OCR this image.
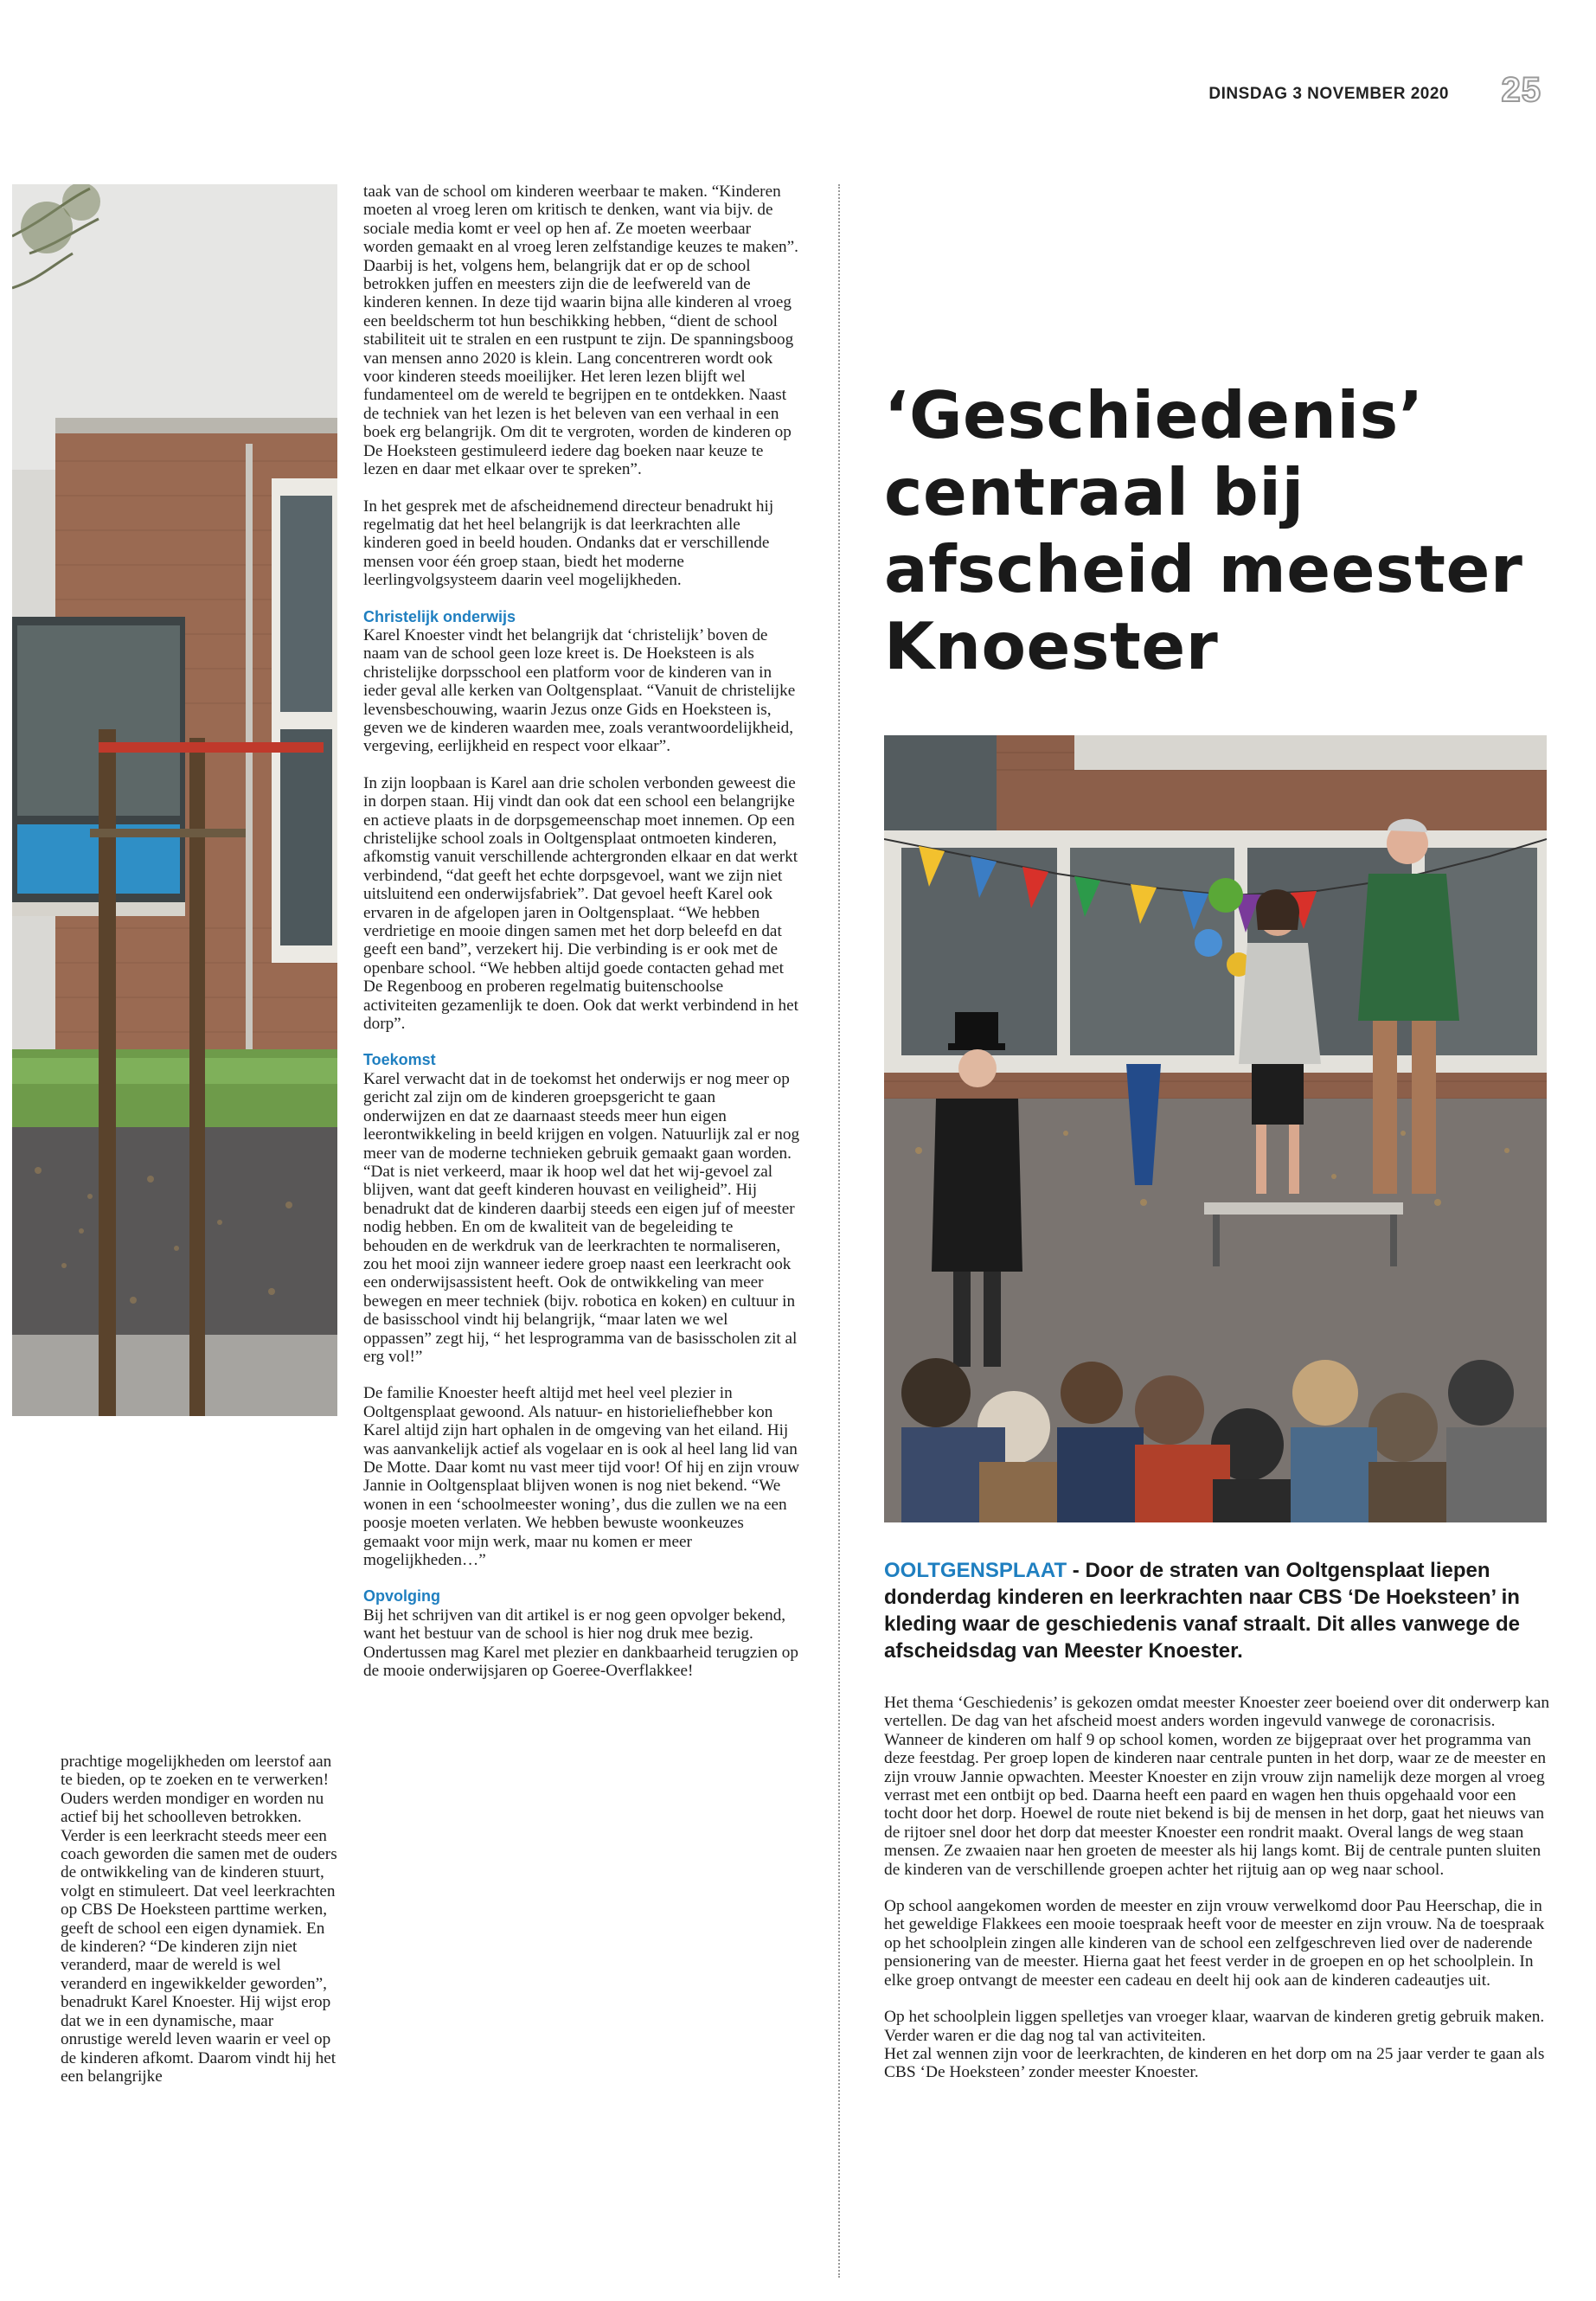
DINSDAG 3 NOVEMBER 2020 25

prachtige mogelijkheden om leerstof aan te bieden, op te zoeken en te verwerken! Ouders werden mondiger en worden nu actief bij het schoolleven betrokken. Verder is een leerkracht steeds meer een coach geworden die samen met de ouders de ontwikkeling van de kinderen stuurt, volgt en stimuleert. Dat veel leerkrachten op CBS De Hoeksteen parttime werken, geeft de school een eigen dynamiek. En de kinderen? “De kinderen zijn niet veranderd, maar de wereld is wel veranderd en ingewikkelder geworden”, benadrukt Karel Knoester. Hij wijst erop dat we in een dynamische, maar onrustige wereld leven waarin er veel op de kinderen afkomt. Daarom vindt hij het een belangrijke

taak van de school om kinderen weerbaar te maken. “Kinderen moeten al vroeg leren om kritisch te denken, want via bijv. de sociale media komt er veel op hen af. Ze moeten weerbaar worden gemaakt en al vroeg leren zelfstandige keuzes te maken”. Daarbij is het, volgens hem, belangrijk dat er op de school betrokken juffen en meesters zijn die de leefwereld van de kinderen kennen. In deze tijd waarin bijna alle kinderen al vroeg een beeldscherm tot hun beschikking hebben, “dient de school stabiliteit uit te stralen en een rustpunt te zijn. De spanningsboog van mensen anno 2020 is klein. Lang concentreren wordt ook voor kinderen steeds moeilijker. Het leren lezen blijft wel fundamenteel om de wereld te begrijpen en te ontdekken. Naast de techniek van het lezen is het beleven van een verhaal in een boek erg belangrijk. Om dit te vergroten, worden de kinderen op De Hoeksteen gestimuleerd iedere dag boeken naar keuze te lezen en daar met elkaar over te spreken”.

In het gesprek met de afscheidnemend directeur benadrukt hij regelmatig dat het heel belangrijk is dat leerkrachten alle kinderen goed in beeld houden. Ondanks dat er verschillende mensen voor één groep staan, biedt het moderne leerlingvolgsysteem daarin veel mogelijkheden.

Christelijk onderwijs

Karel Knoester vindt het belangrijk dat ‘christelijk’ boven de naam van de school geen loze kreet is. De Hoeksteen is als christelijke dorpsschool een platform voor de kinderen van in ieder geval alle kerken van Ooltgensplaat. “Vanuit de christelijke levensbeschouwing, waarin Jezus onze Gids en Hoeksteen is, geven we de kinderen waarden mee, zoals verantwoordelijkheid, vergeving, eerlijkheid en respect voor elkaar”.

In zijn loopbaan is Karel aan drie scholen verbonden geweest die in dorpen staan. Hij vindt dan ook dat een school een belangrijke en actieve plaats in de dorpsgemeenschap moet innemen. Op een christelijke school zoals in Ooltgensplaat ontmoeten kinderen, afkomstig vanuit verschillende achtergronden elkaar en dat werkt verbindend, “dat geeft het echte dorpsgevoel, want we zijn niet uitsluitend een onderwijsfabriek”. Dat gevoel heeft Karel ook ervaren in de afgelopen jaren in Ooltgensplaat. “We hebben verdrietige en mooie dingen samen met het dorp beleefd en dat geeft een band”, verzekert hij. Die verbinding is er ook met de openbare school. “We hebben altijd goede contacten gehad met De Regenboog en proberen regelmatig buitenschoolse activiteiten gezamenlijk te doen. Ook dat werkt verbindend in het dorp”.

Toekomst

Karel verwacht dat in de toekomst het onderwijs er nog meer op gericht zal zijn om de kinderen groepsgericht te gaan onderwijzen en dat ze daarnaast steeds meer hun eigen leerontwikkeling in beeld krijgen en volgen. Natuurlijk zal er nog meer van de moderne technieken gebruik gemaakt gaan worden. “Dat is niet verkeerd, maar ik hoop wel dat het wij-gevoel zal blijven, want dat geeft kinderen houvast en veiligheid”. Hij benadrukt dat de kinderen daarbij steeds een eigen juf of meester nodig hebben. En om de kwaliteit van de begeleiding te behouden en de werkdruk van de leerkrachten te normaliseren, zou het mooi zijn wanneer iedere groep naast een leerkracht ook een onderwijsassistent heeft. Ook de ontwikkeling van meer bewegen en meer techniek (bijv. robotica en koken) en cultuur in de basisschool vindt hij belangrijk, “maar laten we wel oppassen” zegt hij, “ het lesprogramma van de basisscholen zit al erg vol!”

De familie Knoester heeft altijd met heel veel plezier in Ooltgensplaat gewoond. Als natuur- en historieliefhebber kon Karel altijd zijn hart ophalen in de omgeving van het eiland. Hij was aanvankelijk actief als vogelaar en is ook al heel lang lid van De Motte. Daar komt nu vast meer tijd voor! Of hij en zijn vrouw Jannie in Ooltgensplaat blijven wonen is nog niet bekend. “We wonen in een ‘schoolmeester woning’, dus die zullen we na een poosje moeten verlaten. We hebben bewuste woonkeuzes gemaakt voor mijn werk, maar nu komen er meer mogelijkheden…”

Opvolging

Bij het schrijven van dit artikel is er nog geen opvolger bekend, want het bestuur van de school is hier nog druk mee bezig. Ondertussen mag Karel met plezier en dankbaarheid terugzien op de mooie onderwijsjaren op Goeree-Overflakkee!

‘Geschiedenis’ centraal bij afscheid meester Knoester

OOLTGENSPLAAT - Door de straten van Ooltgensplaat liepen donderdag kinderen en leerkrachten naar CBS ‘De Hoeksteen’ in kleding waar de geschiedenis vanaf straalt. Dit alles vanwege de afscheidsdag van Meester Knoester.

Het thema ‘Geschiedenis’ is gekozen omdat meester Knoester zeer boeiend over dit onderwerp kan vertellen. De dag van het afscheid moest anders worden ingevuld vanwege de coronacrisis.

Wanneer de kinderen om half 9 op school komen, worden ze bijgepraat over het programma van deze feestdag. Per groep lopen de kinderen naar centrale punten in het dorp, waar ze de meester en zijn vrouw Jannie opwachten. Meester Knoester en zijn vrouw zijn namelijk deze morgen al vroeg verrast met een ontbijt op bed. Daarna heeft een paard en wagen hen thuis opgehaald voor een tocht door het dorp. Hoewel de route niet bekend is bij de mensen in het dorp, gaat het nieuws van de rijtoer snel door het dorp dat meester Knoester een rondrit maakt. Overal langs de weg staan mensen. Ze zwaaien naar hen groeten de meester als hij langs komt. Bij de centrale punten sluiten de kinderen van de verschillende groepen achter het rijtuig aan op weg naar school.

Op school aangekomen worden de meester en zijn vrouw verwelkomd door Pau Heerschap, die in het geweldige Flakkees een mooie toespraak heeft voor de meester en zijn vrouw. Na de toespraak op het schoolplein zingen alle kinderen van de school een zelfgeschreven lied over de naderende pensionering van de meester. Hierna gaat het feest verder in de groepen en op het schoolplein. In elke groep ontvangt de meester een cadeau en deelt hij ook aan de kinderen cadeautjes uit.

Op het schoolplein liggen spelletjes van vroeger klaar, waarvan de kinderen gretig gebruik maken. Verder waren er die dag nog tal van activiteiten.

Het zal wennen zijn voor de leerkrachten, de kinderen en het dorp om na 25 jaar verder te gaan als CBS ‘De Hoeksteen’ zonder meester Knoester.
